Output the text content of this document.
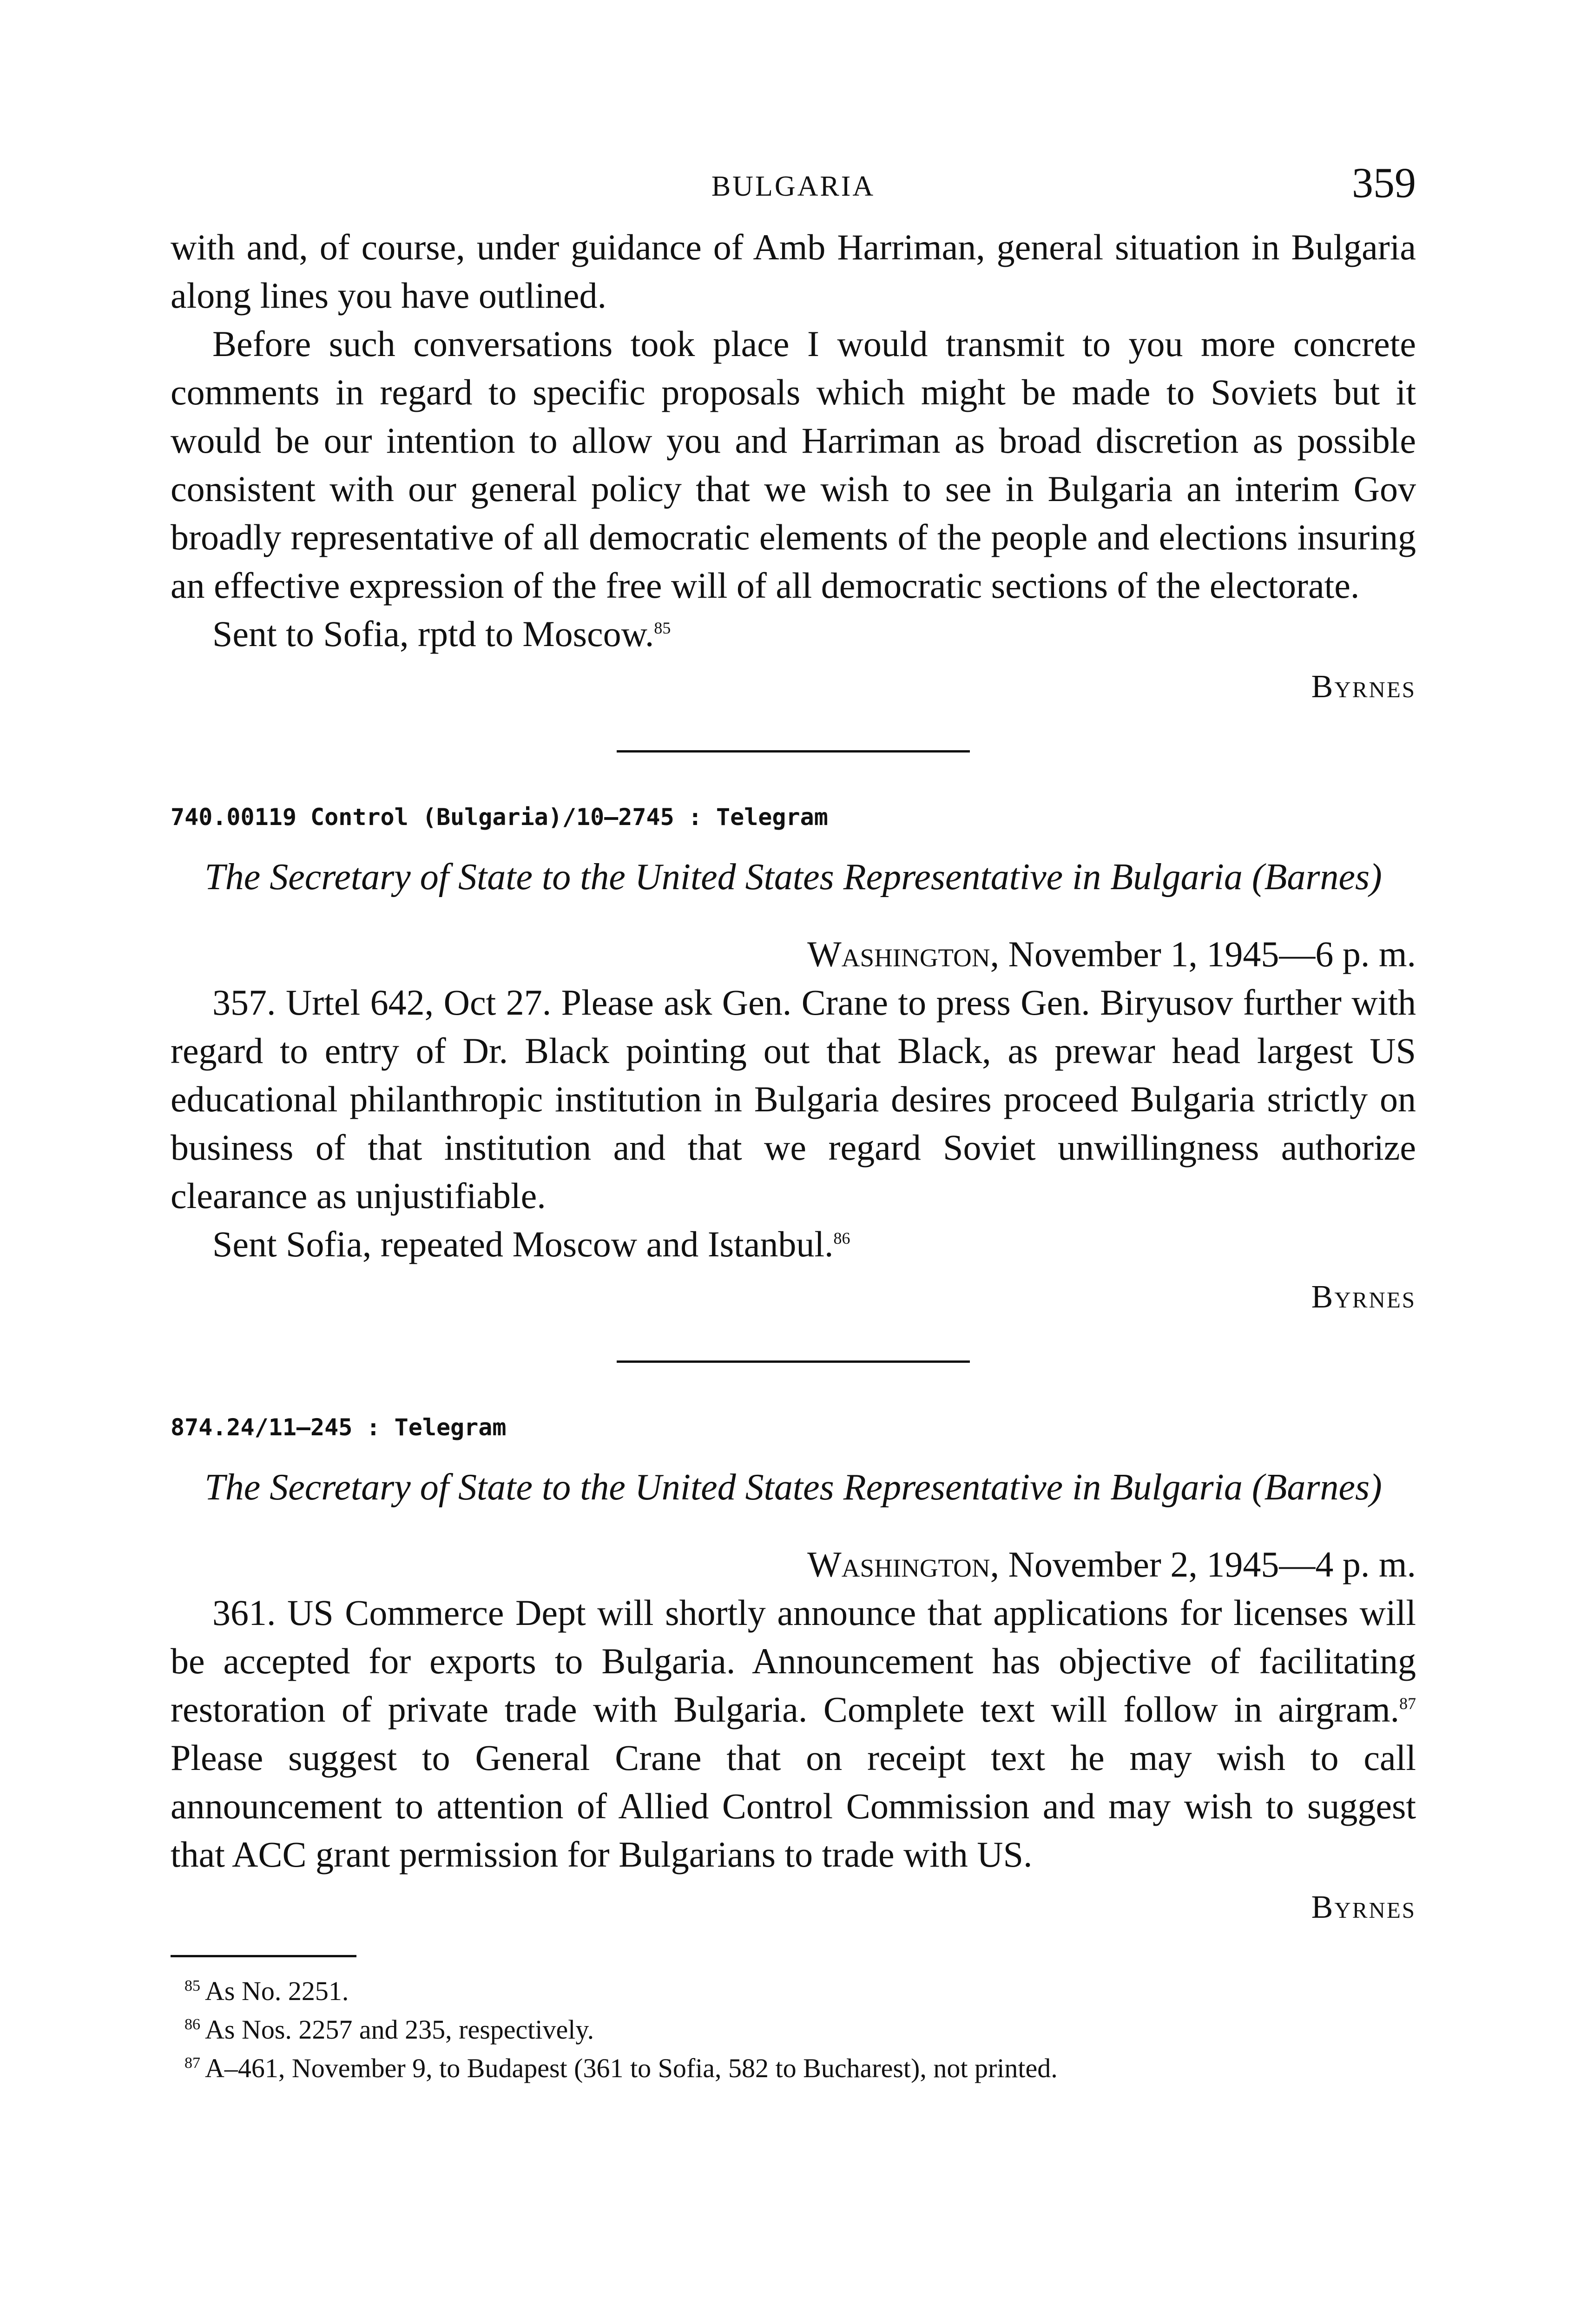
BULGARIA	359

with and, of course, under guidance of Amb Harriman, general situation in Bulgaria along lines you have outlined.

Before such conversations took place I would transmit to you more concrete comments in regard to specific proposals which might be made to Soviets but it would be our intention to allow you and Harriman as broad discretion as possible consistent with our general policy that we wish to see in Bulgaria an interim Gov broadly representative of all democratic elements of the people and elections insuring an effective expression of the free will of all democratic sections of the electorate.

Sent to Sofia, rptd to Moscow.$^{85}$

Byrnes
740.00119 Control (Bulgaria)/10–2745 : Telegram
The Secretary of State to the United States Representative in Bulgaria (Barnes)
Washington, November 1, 1945—6 p. m.

357. Urtel 642, Oct 27. Please ask Gen. Crane to press Gen. Biryusov further with regard to entry of Dr. Black pointing out that Black, as prewar head largest US educational philanthropic institution in Bulgaria desires proceed Bulgaria strictly on business of that institution and that we regard Soviet unwillingness authorize clearance as unjustifiable.

Sent Sofia, repeated Moscow and Istanbul.$^{86}$

Byrnes
874.24/11–245 : Telegram
The Secretary of State to the United States Representative in Bulgaria (Barnes)
Washington, November 2, 1945—4 p. m.

361. US Commerce Dept will shortly announce that applications for licenses will be accepted for exports to Bulgaria. Announcement has objective of facilitating restoration of private trade with Bulgaria. Complete text will follow in airgram.$^{87}$ Please suggest to General Crane that on receipt text he may wish to call announcement to attention of Allied Control Commission and may wish to suggest that ACC grant permission for Bulgarians to trade with US.

Byrnes
$^{85}$ As No. 2251.
$^{86}$ As Nos. 2257 and 235, respectively.
$^{87}$ A–461, November 9, to Budapest (361 to Sofia, 582 to Bucharest), not printed.
